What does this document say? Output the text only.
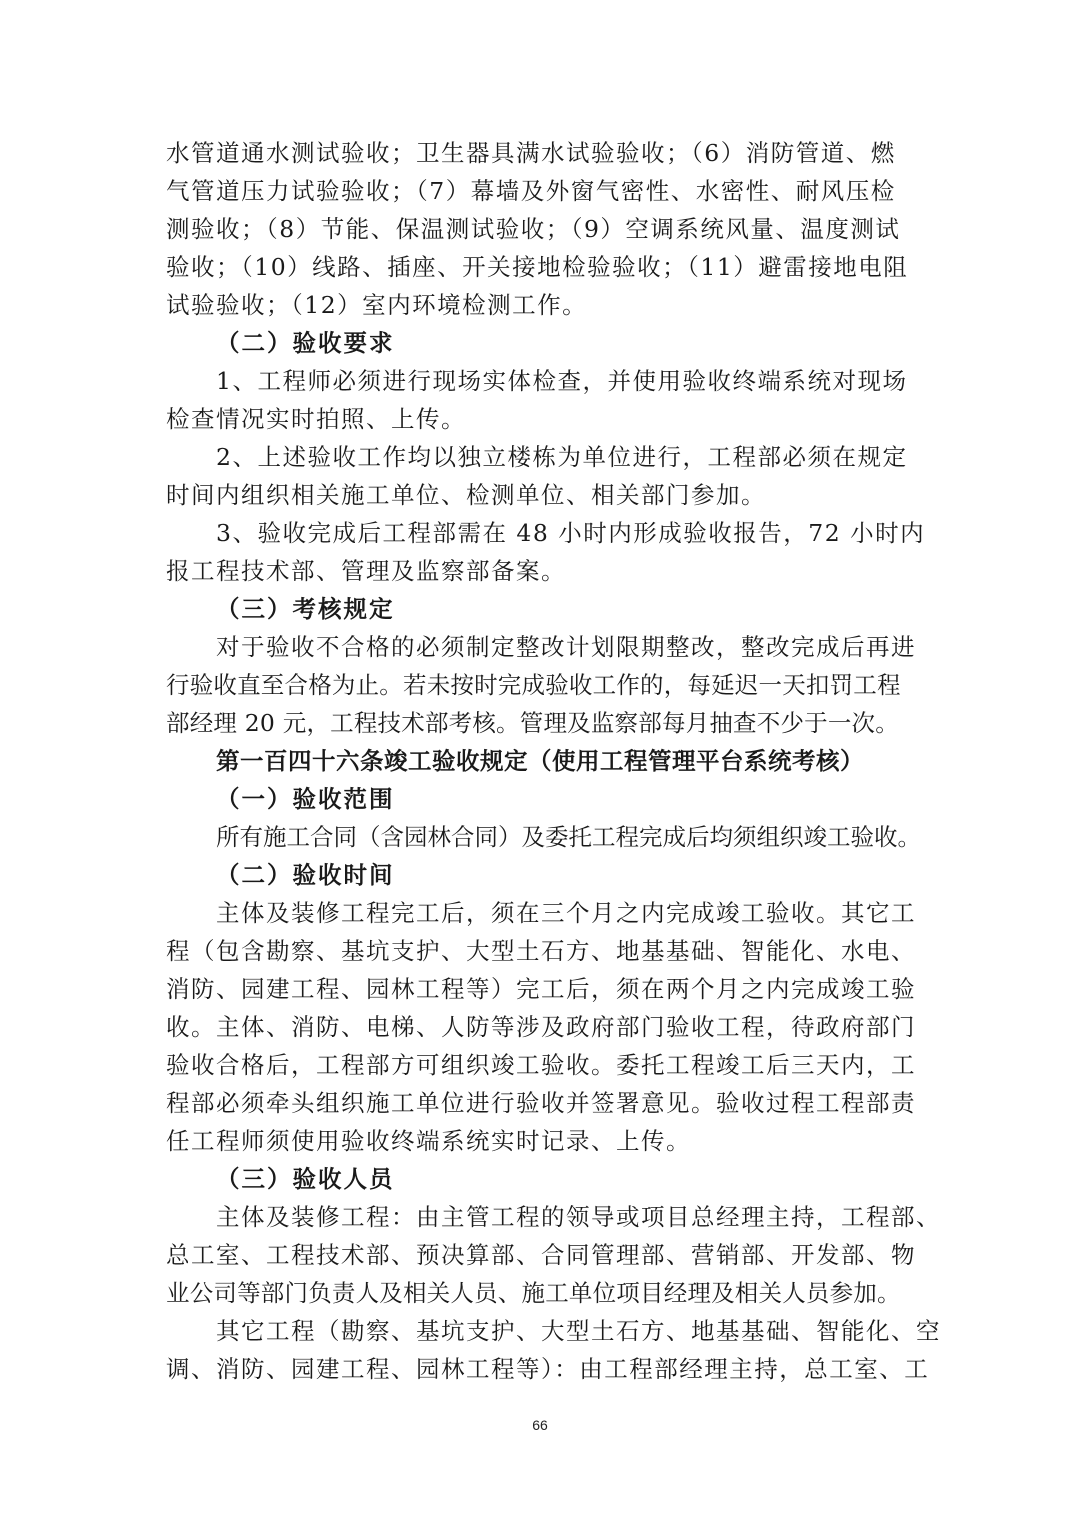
水管道通水测试验收；卫生器具满水试验验收；（6）消防管道、燃
气管道压力试验验收；（7）幕墙及外窗气密性、水密性、耐风压检
测验收；（8）节能、保温测试验收；（9）空调系统风量、温度测试
验收；（10）线路、插座、开关接地检验验收；（11）避雷接地电阻
试验验收；（12）室内环境检测工作。
（二）验收要求
1、工程师必须进行现场实体检查，并使用验收终端系统对现场
检查情况实时拍照、上传。
2、上述验收工作均以独立楼栋为单位进行，工程部必须在规定
时间内组织相关施工单位、检测单位、相关部门参加。
3、验收完成后工程部需在 48 小时内形成验收报告，72 小时内
报工程技术部、管理及监察部备案。
（三）考核规定
对于验收不合格的必须制定整改计划限期整改，整改完成后再进
行验收直至合格为止。若未按时完成验收工作的，每延迟一天扣罚工程
部经理 20 元，工程技术部考核。管理及监察部每月抽查不少于一次。
第一百四十六条竣工验收规定（使用工程管理平台系统考核）
（一）验收范围
所有施工合同（含园林合同）及委托工程完成后均须组织竣工验收。
（二）验收时间
主体及装修工程完工后，须在三个月之内完成竣工验收。其它工
程（包含勘察、基坑支护、大型土石方、地基基础、智能化、水电、
消防、园建工程、园林工程等）完工后，须在两个月之内完成竣工验
收。主体、消防、电梯、人防等涉及政府部门验收工程，待政府部门
验收合格后，工程部方可组织竣工验收。委托工程竣工后三天内，工
程部必须牵头组织施工单位进行验收并签署意见。验收过程工程部责
任工程师须使用验收终端系统实时记录、上传。
（三）验收人员
主体及装修工程：由主管工程的领导或项目总经理主持，工程部、
总工室、工程技术部、预决算部、合同管理部、营销部、开发部、物
业公司等部门负责人及相关人员、施工单位项目经理及相关人员参加。
其它工程（勘察、基坑支护、大型土石方、地基基础、智能化、空
调、消防、园建工程、园林工程等）：由工程部经理主持，总工室、工
66
